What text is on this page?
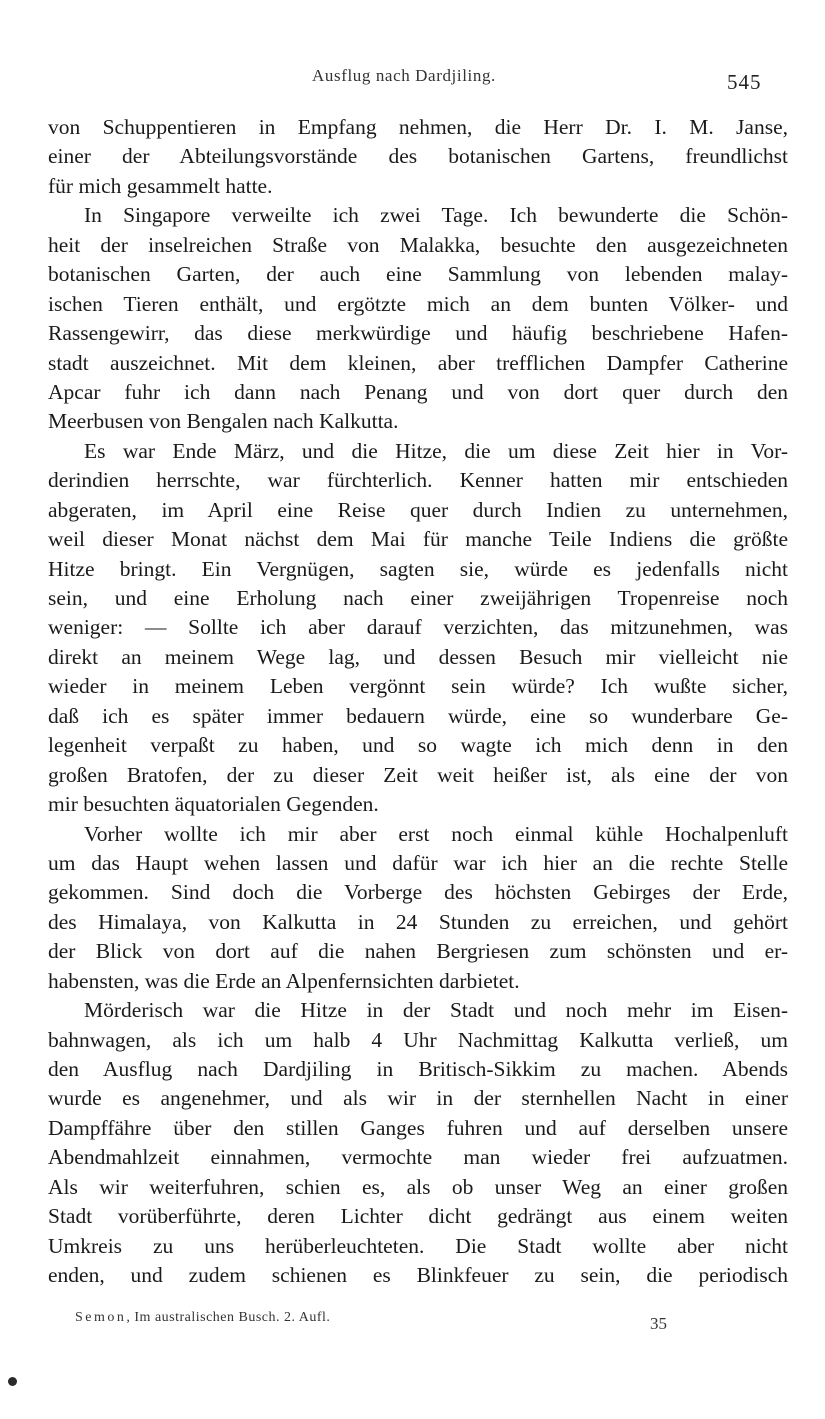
Ausflug nach Dardjiling.	545
von Schuppentieren in Empfang nehmen, die Herr Dr. I. M. Janse,
einer der Abteilungsvorstände des botanischen Gartens, freundlichst
für mich gesammelt hatte.
In Singapore verweilte ich zwei Tage. Ich bewunderte die Schön-
heit der inselreichen Straße von Malakka, besuchte den ausgezeichneten
botanischen Garten, der auch eine Sammlung von lebenden malay-
ischen Tieren enthält, und ergötzte mich an dem bunten Völker- und
Rassengewirr, das diese merkwürdige und häufig beschriebene Hafen-
stadt auszeichnet. Mit dem kleinen, aber trefflichen Dampfer Catherine
Apcar fuhr ich dann nach Penang und von dort quer durch den
Meerbusen von Bengalen nach Kalkutta.
Es war Ende März, und die Hitze, die um diese Zeit hier in Vor-
derindien herrschte, war fürchterlich. Kenner hatten mir entschieden
abgeraten, im April eine Reise quer durch Indien zu unternehmen,
weil dieser Monat nächst dem Mai für manche Teile Indiens die größte
Hitze bringt. Ein Vergnügen, sagten sie, würde es jedenfalls nicht
sein, und eine Erholung nach einer zweijährigen Tropenreise noch
weniger: — Sollte ich aber darauf verzichten, das mitzunehmen, was
direkt an meinem Wege lag, und dessen Besuch mir vielleicht nie
wieder in meinem Leben vergönnt sein würde? Ich wußte sicher,
daß ich es später immer bedauern würde, eine so wunderbare Ge-
legenheit verpaßt zu haben, und so wagte ich mich denn in den
großen Bratofen, der zu dieser Zeit weit heißer ist, als eine der von
mir besuchten äquatorialen Gegenden.
Vorher wollte ich mir aber erst noch einmal kühle Hochalpenluft
um das Haupt wehen lassen und dafür war ich hier an die rechte Stelle
gekommen. Sind doch die Vorberge des höchsten Gebirges der Erde,
des Himalaya, von Kalkutta in 24 Stunden zu erreichen, und gehört
der Blick von dort auf die nahen Bergriesen zum schönsten und er-
habensten, was die Erde an Alpenfernsichten darbietet.
Mörderisch war die Hitze in der Stadt und noch mehr im Eisen-
bahnwagen, als ich um halb 4 Uhr Nachmittag Kalkutta verließ, um
den Ausflug nach Dardjiling in Britisch-Sikkim zu machen. Abends
wurde es angenehmer, und als wir in der sternhellen Nacht in einer
Dampffähre über den stillen Ganges fuhren und auf derselben unsere
Abendmahlzeit einnahmen, vermochte man wieder frei aufzuatmen.
Als wir weiterfuhren, schien es, als ob unser Weg an einer großen
Stadt vorüberführte, deren Lichter dicht gedrängt aus einem weiten
Umkreis zu uns herüberleuchteten. Die Stadt wollte aber nicht
enden, und zudem schienen es Blinkfeuer zu sein, die periodisch
Semon, Im australischen Busch. 2. Aufl.	35
